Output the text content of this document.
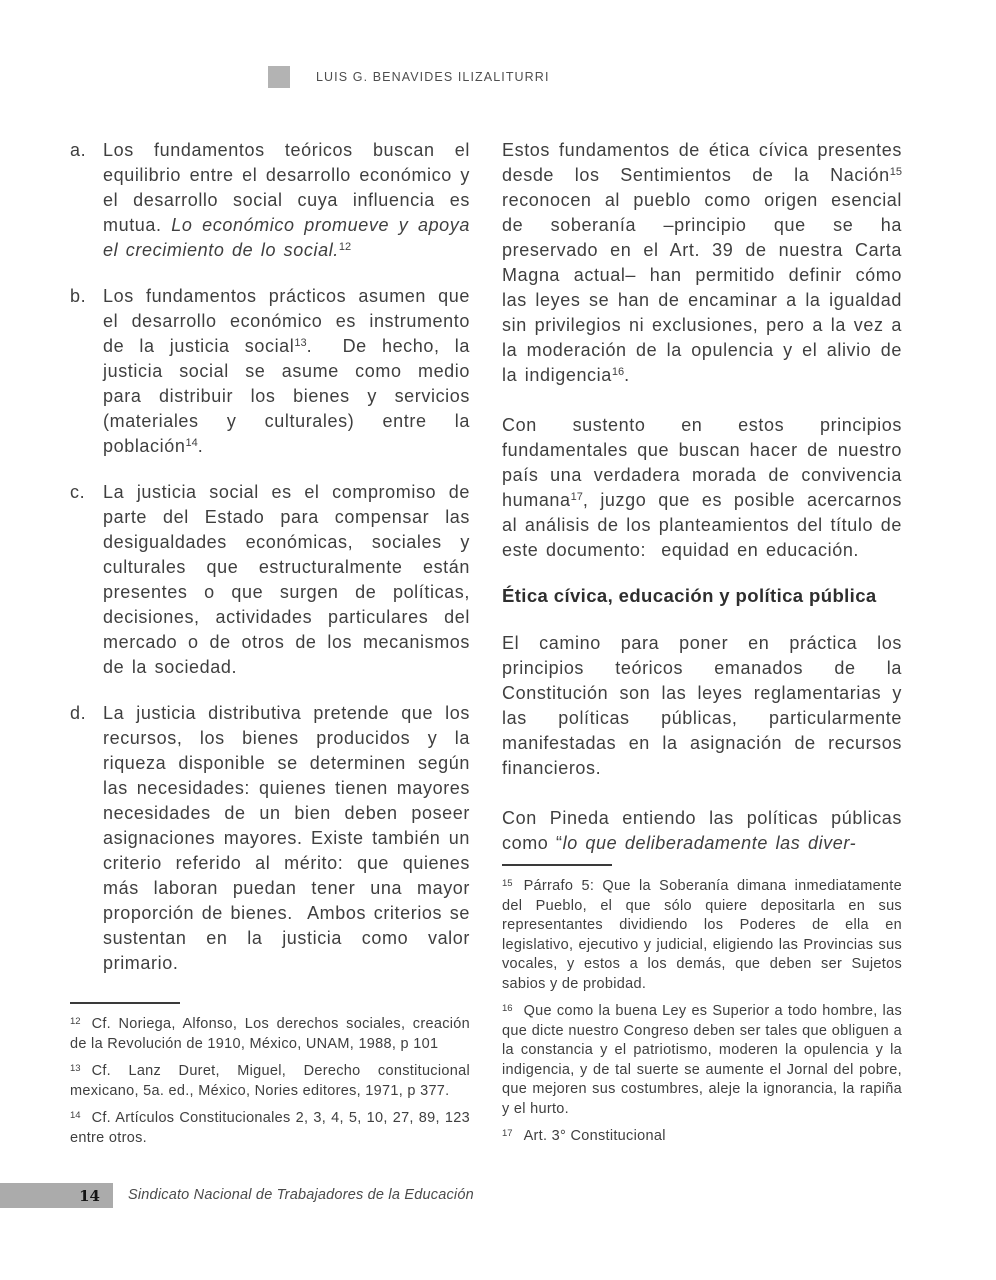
LUIS G. BENAVIDES ILIZALITURRI
a. Los fundamentos teóricos buscan el equilibrio entre el desarrollo económico y el desarrollo social cuya influencia es mutua. Lo económico promueve y apoya el crecimiento de lo social.$^{12}$
b. Los fundamentos prácticos asumen que el desarrollo económico es instrumento de la justicia social$^{13}$.  De hecho, la justicia social se asume como medio para distribuir los bienes y servicios (materiales y culturales) entre la población$^{14}$.
c. La justicia social es el compromiso de parte del Estado para compensar las desigualdades económicas, sociales y culturales que estructuralmente están presentes o que surgen de políticas, decisiones, actividades particulares del mercado o de otros de los mecanismos de la sociedad.
d. La justicia distributiva pretende que los recursos, los bienes producidos y la riqueza disponible se determinen según las necesidades: quienes tienen mayores necesidades de un bien deben poseer asignaciones mayores. Existe también un criterio referido al mérito: que quienes más laboran puedan tener una mayor proporción de bienes.  Ambos criterios se sustentan en la justicia como valor primario.

$^{12}$ Cf. Noriega, Alfonso, Los derechos sociales, creación de la Revolución de 1910, México, UNAM, 1988, p 101

$^{13}$ Cf. Lanz Duret, Miguel, Derecho constitucional mexicano, 5a. ed., México, Nories editores, 1971, p 377.

$^{14}$ Cf. Artículos Constitucionales 2, 3, 4, 5, 10, 27, 89, 123 entre otros.

Estos fundamentos de ética cívica presentes desde los Sentimientos de la Nación$^{15}$ reconocen al pueblo como origen esencial de soberanía –principio que se ha preservado en el Art. 39 de nuestra Carta Magna actual– han permitido definir cómo las leyes se han de encaminar a la igualdad sin privilegios ni exclusiones, pero a la vez a la moderación de la opulencia y el alivio de la indigencia$^{16}$.

Con sustento en estos principios fundamentales que buscan hacer de nuestro país una verdadera morada de convivencia humana$^{17}$, juzgo que es posible acercarnos al análisis de los planteamientos del título de este documento:  equidad en educación.

Ética cívica, educación y política pública

El camino para poner en práctica los principios teóricos emanados de la Constitución son las leyes reglamentarias y las políticas públicas, particularmente manifestadas en la asignación de recursos financieros.

Con Pineda entiendo las políticas públicas como “lo que deliberadamente las diver-

$^{15}$ Párrafo 5: Que la Soberanía dimana inmediatamente del Pueblo, el que sólo quiere depositarla en sus representantes dividiendo los Poderes de ella en legislativo, ejecutivo y judicial, eligiendo las Provincias sus vocales, y estos a los demás, que deben ser Sujetos sabios y de probidad.

$^{16}$ Que como la buena Ley es Superior a todo hombre, las que dicte nuestro Congreso deben ser tales que obliguen a la constancia y el patriotismo, moderen la opulencia y la indigencia, y de tal suerte se aumente el Jornal del pobre, que mejoren sus costumbres, aleje la ignorancia, la rapiña y el hurto.

$^{17}$ Art. 3° Constitucional

14 Sindicato Nacional de Trabajadores de la Educación
